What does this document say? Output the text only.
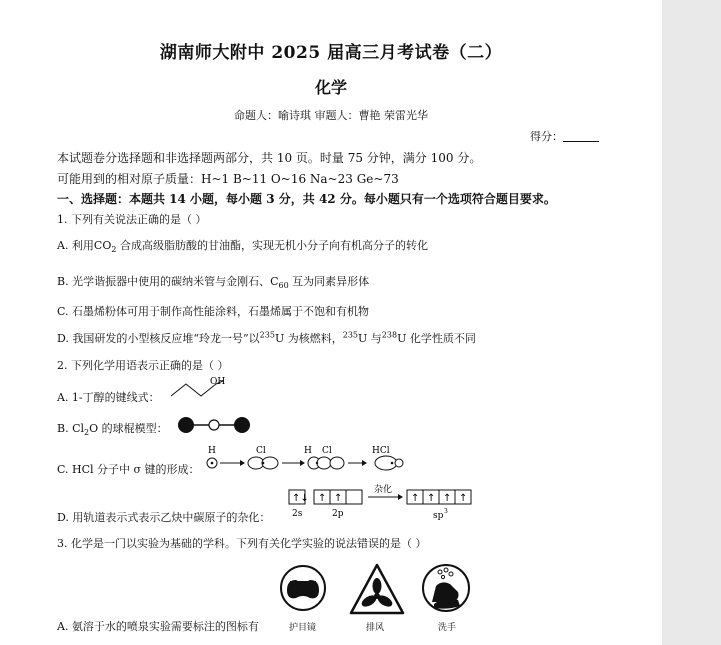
湖南师大附中 2025 届高三月考试卷（二）
化学
命题人：喻诗琪 审题人：曹艳 荣雷光华
得分：
本试题卷分选择题和非选择题两部分，共 10 页。时量 75 分钟，满分 100 分。
可能用到的相对原子质量：H~1 B~11 O~16 Na~23 Ge~73
一、选择题：本题共 14 小题，每小题 3 分，共 42 分。每小题只有一个选项符合题目要求。
1. 下列有关说法正确的是（ ）
A. 利用$CO_2$ 合成高级脂肪酸的甘油酯，实现无机小分子向有机高分子的转化
B. 光学谐振器中使用的碳纳米管与金刚石、$C_{60}$ 互为同素异形体
C. 石墨烯粉体可用于制作高性能涂料，石墨烯属于不饱和有机物
D. 我国研发的小型核反应堆“玲龙一号”以$^{235}$U 为核燃料，$^{235}$U 与$^{238}$U 化学性质不同
2. 下列化学用语表示正确的是（ ）
A. 1-丁醇的键线式：
OH
B. $Cl_2O$ 的球棍模型：
C. HCl 分子中 σ 键的形成：
H	Cl	H Cl	HCl
D. 用轨道表示式表示乙炔中碳原子的杂化：
↑↓ ↑ ↑
2s	2p
杂化
↑ ↑ ↑ ↑
sp 3
3. 化学是一门以实验为基础的学科。下列有关化学实验的说法错误的是（ ）
A. 氨溶于水的喷泉实验需要标注的图标有	护目镜	排风	洗手
